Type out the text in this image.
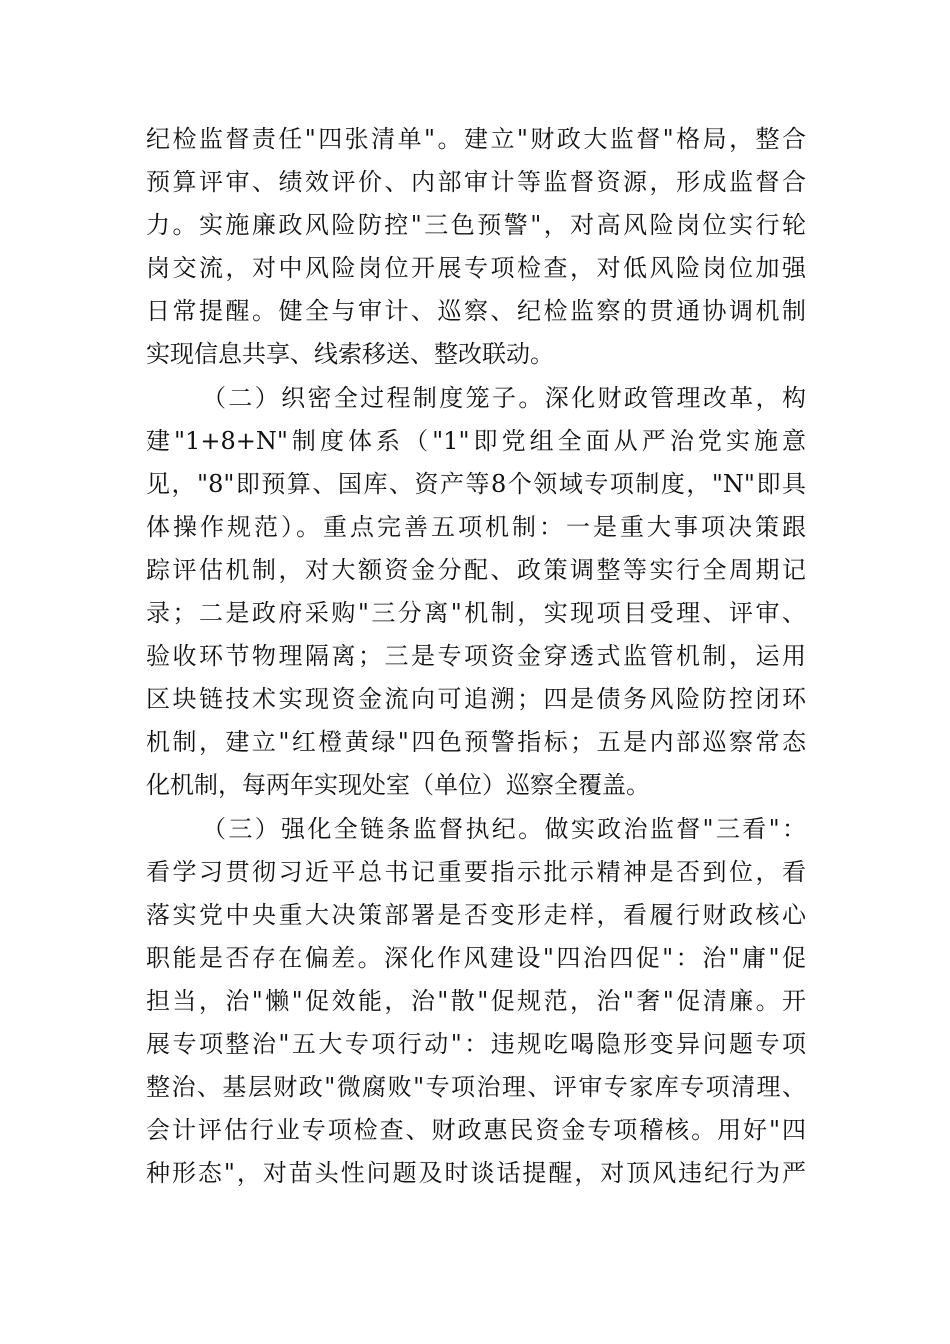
纪检监督责任"四张清单"。建立"财政大监督"格局，整合
预算评审、绩效评价、内部审计等监督资源，形成监督合
力。实施廉政风险防控"三色预警"，对高风险岗位实行轮
岗交流，对中风险岗位开展专项检查，对低风险岗位加强
日常提醒。健全与审计、巡察、纪检监察的贯通协调机制
实现信息共享、线索移送、整改联动。
（二）织密全过程制度笼子。深化财政管理改革，构
建"1+8+N"制度体系（"1"即党组全面从严治党实施意
见，"8"即预算、国库、资产等8个领域专项制度，"N"即具
体操作规范）。重点完善五项机制：一是重大事项决策跟
踪评估机制，对大额资金分配、政策调整等实行全周期记
录；二是政府采购"三分离"机制，实现项目受理、评审、
验收环节物理隔离；三是专项资金穿透式监管机制，运用
区块链技术实现资金流向可追溯；四是债务风险防控闭环
机制，建立"红橙黄绿"四色预警指标；五是内部巡察常态
化机制，每两年实现处室（单位）巡察全覆盖。
（三）强化全链条监督执纪。做实政治监督"三看"：
看学习贯彻习近平总书记重要指示批示精神是否到位，看
落实党中央重大决策部署是否变形走样，看履行财政核心
职能是否存在偏差。深化作风建设"四治四促"：治"庸"促
担当，治"懒"促效能，治"散"促规范，治"奢"促清廉。开
展专项整治"五大专项行动"：违规吃喝隐形变异问题专项
整治、基层财政"微腐败"专项治理、评审专家库专项清理、
会计评估行业专项检查、财政惠民资金专项稽核。用好"四
种形态"，对苗头性问题及时谈话提醒，对顶风违纪行为严
